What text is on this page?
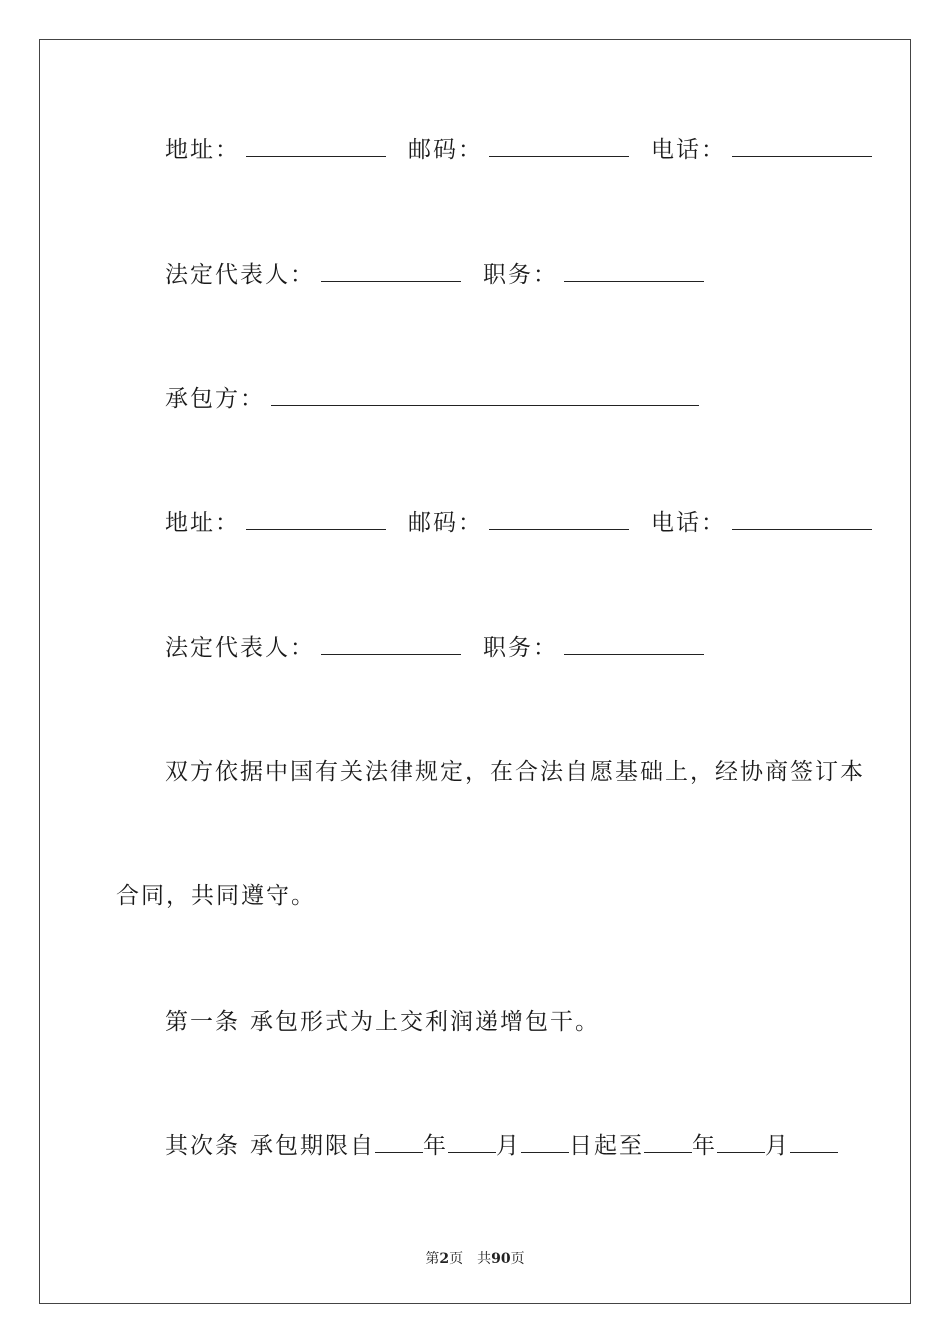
地址：	邮码：	电话：
法定代表人：	职务：
承包方：
地址：	邮码：	电话：
法定代表人：	职务：
双方依据中国有关法律规定，在合法自愿基础上，经协商签订本
合同，共同遵守。
第一条 承包形式为上交利润递增包干。
其次条 承包期限自 年 月 日起至 年 月
第2页　共90页
